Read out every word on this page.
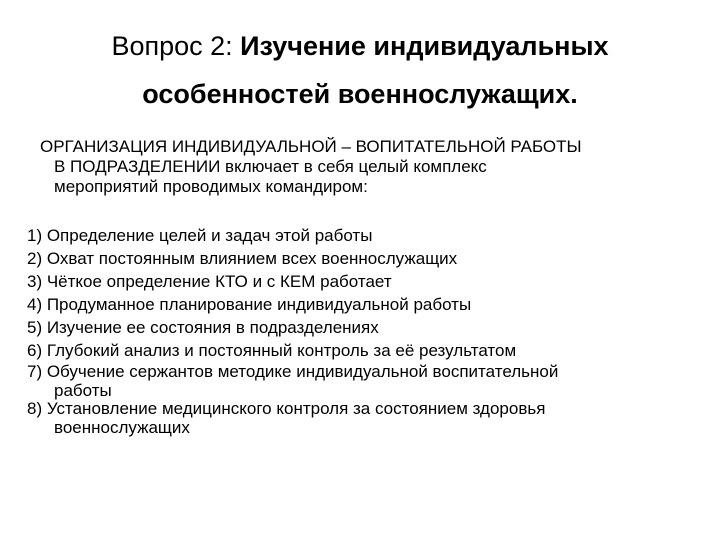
Вопрос 2: Изучение индивидуальных
особенностей военнослужащих.
ОРГАНИЗАЦИЯ ИНДИВИДУАЛЬНОЙ – ВОПИТАТЕЛЬНОЙ РАБОТЫ
В ПОДРАЗДЕЛЕНИИ включает в себя целый комплекс
мероприятий проводимых командиром:
1) Определение целей и задач этой работы
2) Охват постоянным влиянием всех военнослужащих
3) Чёткое определение КТО и с КЕМ работает
4) Продуманное планирование индивидуальной работы
5) Изучение ее состояния в подразделениях
6) Глубокий анализ и постоянный контроль за её результатом
7) Обучение сержантов методике индивидуальной воспитательной
работы
8) Установление медицинского контроля за состоянием здоровья
военнослужащих
